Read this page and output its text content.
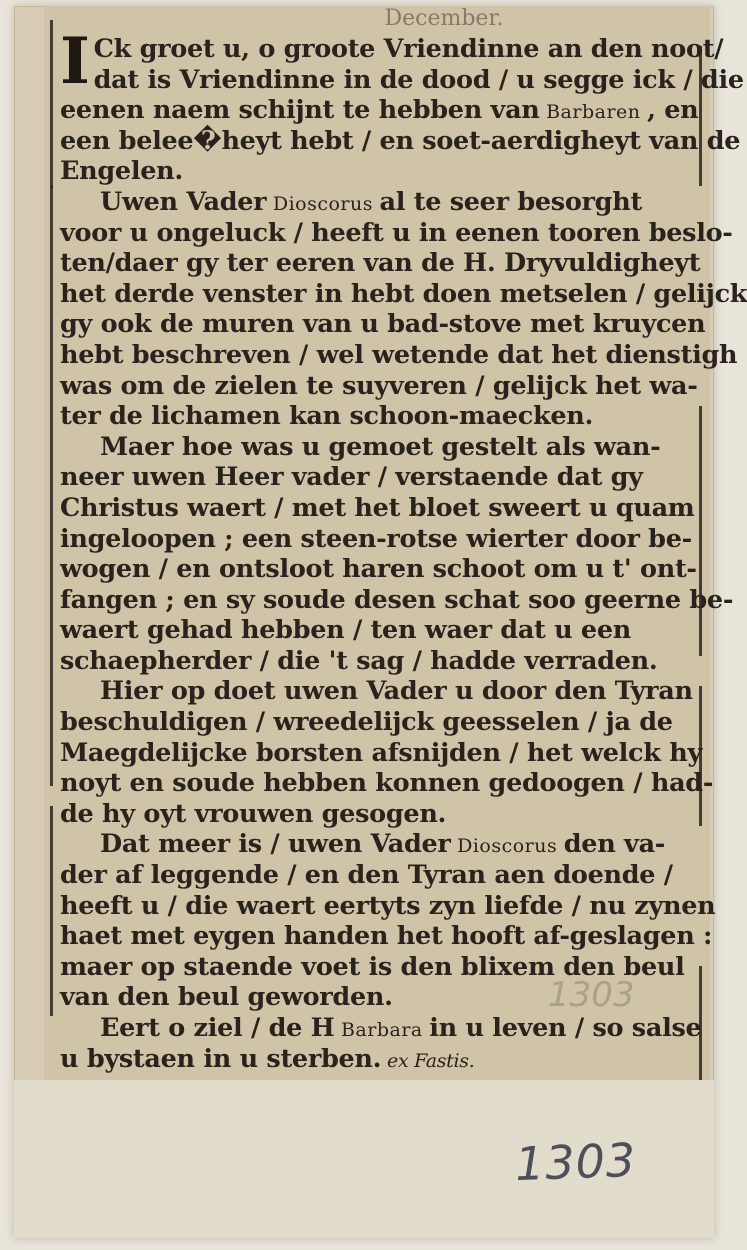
December.
I Ck groet u, o groote Vriendinne an den noot/
dat is Vriendinne in de dood / u segge ick / die
eenen naem schijnt te hebben van Barbaren , en
een belee�heyt hebt / en soet-aerdigheyt van de
Engelen.
Uwen Vader Dioscorus al te seer besorght
voor u ongeluck / heeft u in eenen tooren beslo-
ten/daer gy ter eeren van de H. Dryvuldigheyt
het derde venster in hebt doen metselen / gelijck
gy ook de muren van u bad-stove met kruycen
hebt beschreven / wel wetende dat het dienstigh
was om de zielen te suyveren / gelijck het wa-
ter de lichamen kan schoon-maecken.
Maer hoe was u gemoet gestelt als wan-
neer uwen Heer vader / verstaende dat gy
Christus waert / met het bloet sweert u quam
ingeloopen ; een steen-rotse wierter door be-
wogen / en ontsloot haren schoot om u t' ont-
fangen ; en sy soude desen schat soo geerne be-
waert gehad hebben / ten waer dat u een
schaepherder / die 't sag / hadde verraden.
Hier op doet uwen Vader u door den Tyran
beschuldigen / wreedelijck geesselen / ja de
Maegdelijcke borsten afsnijden / het welck hy
noyt en soude hebben konnen gedoogen / had-
de hy oyt vrouwen gesogen.
Dat meer is / uwen Vader Dioscorus den va-
der af leggende / en den Tyran aen doende /
heeft u / die waert eertyts zyn liefde / nu zynen
haet met eygen handen het hooft af-geslagen :
maer op staende voet is den blixem den beul
van den beul geworden.
Eert o ziel / de H Barbara in u leven / so salse
u bystaen in u sterben. ex Fastis.
1303
1303
